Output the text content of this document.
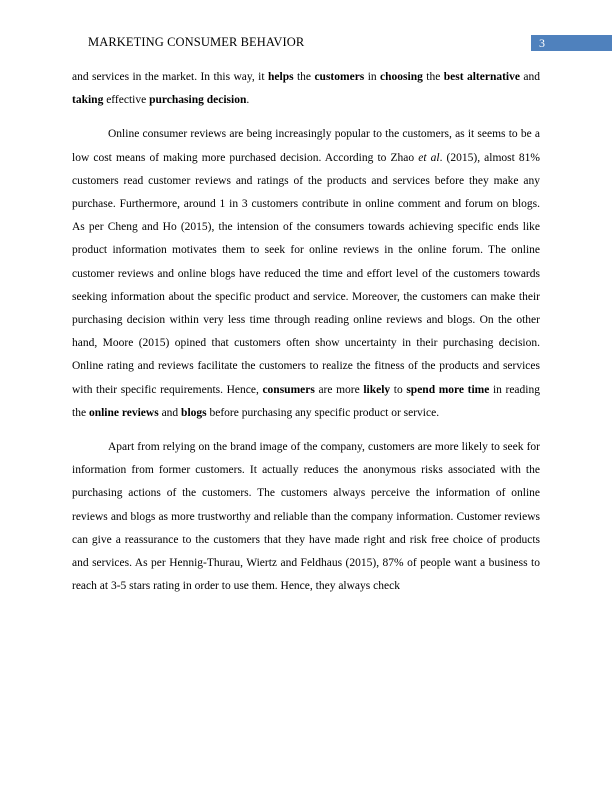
MARKETING CONSUMER BEHAVIOR	3

and services in the market. In this way, it helps the customers in choosing the best alternative and taking effective purchasing decision.

Online consumer reviews are being increasingly popular to the customers, as it seems to be a low cost means of making more purchased decision. According to Zhao et al. (2015), almost 81% customers read customer reviews and ratings of the products and services before they make any purchase. Furthermore, around 1 in 3 customers contribute in online comment and forum on blogs. As per Cheng and Ho (2015), the intension of the consumers towards achieving specific ends like product information motivates them to seek for online reviews in the online forum. The online customer reviews and online blogs have reduced the time and effort level of the customers towards seeking information about the specific product and service. Moreover, the customers can make their purchasing decision within very less time through reading online reviews and blogs. On the other hand, Moore (2015) opined that customers often show uncertainty in their purchasing decision. Online rating and reviews facilitate the customers to realize the fitness of the products and services with their specific requirements. Hence, consumers are more likely to spend more time in reading the online reviews and blogs before purchasing any specific product or service.

Apart from relying on the brand image of the company, customers are more likely to seek for information from former customers. It actually reduces the anonymous risks associated with the purchasing actions of the customers. The customers always perceive the information of online reviews and blogs as more trustworthy and reliable than the company information. Customer reviews can give a reassurance to the customers that they have made right and risk free choice of products and services. As per Hennig-Thurau, Wiertz and Feldhaus (2015), 87% of people want a business to reach at 3-5 stars rating in order to use them. Hence, they always check
